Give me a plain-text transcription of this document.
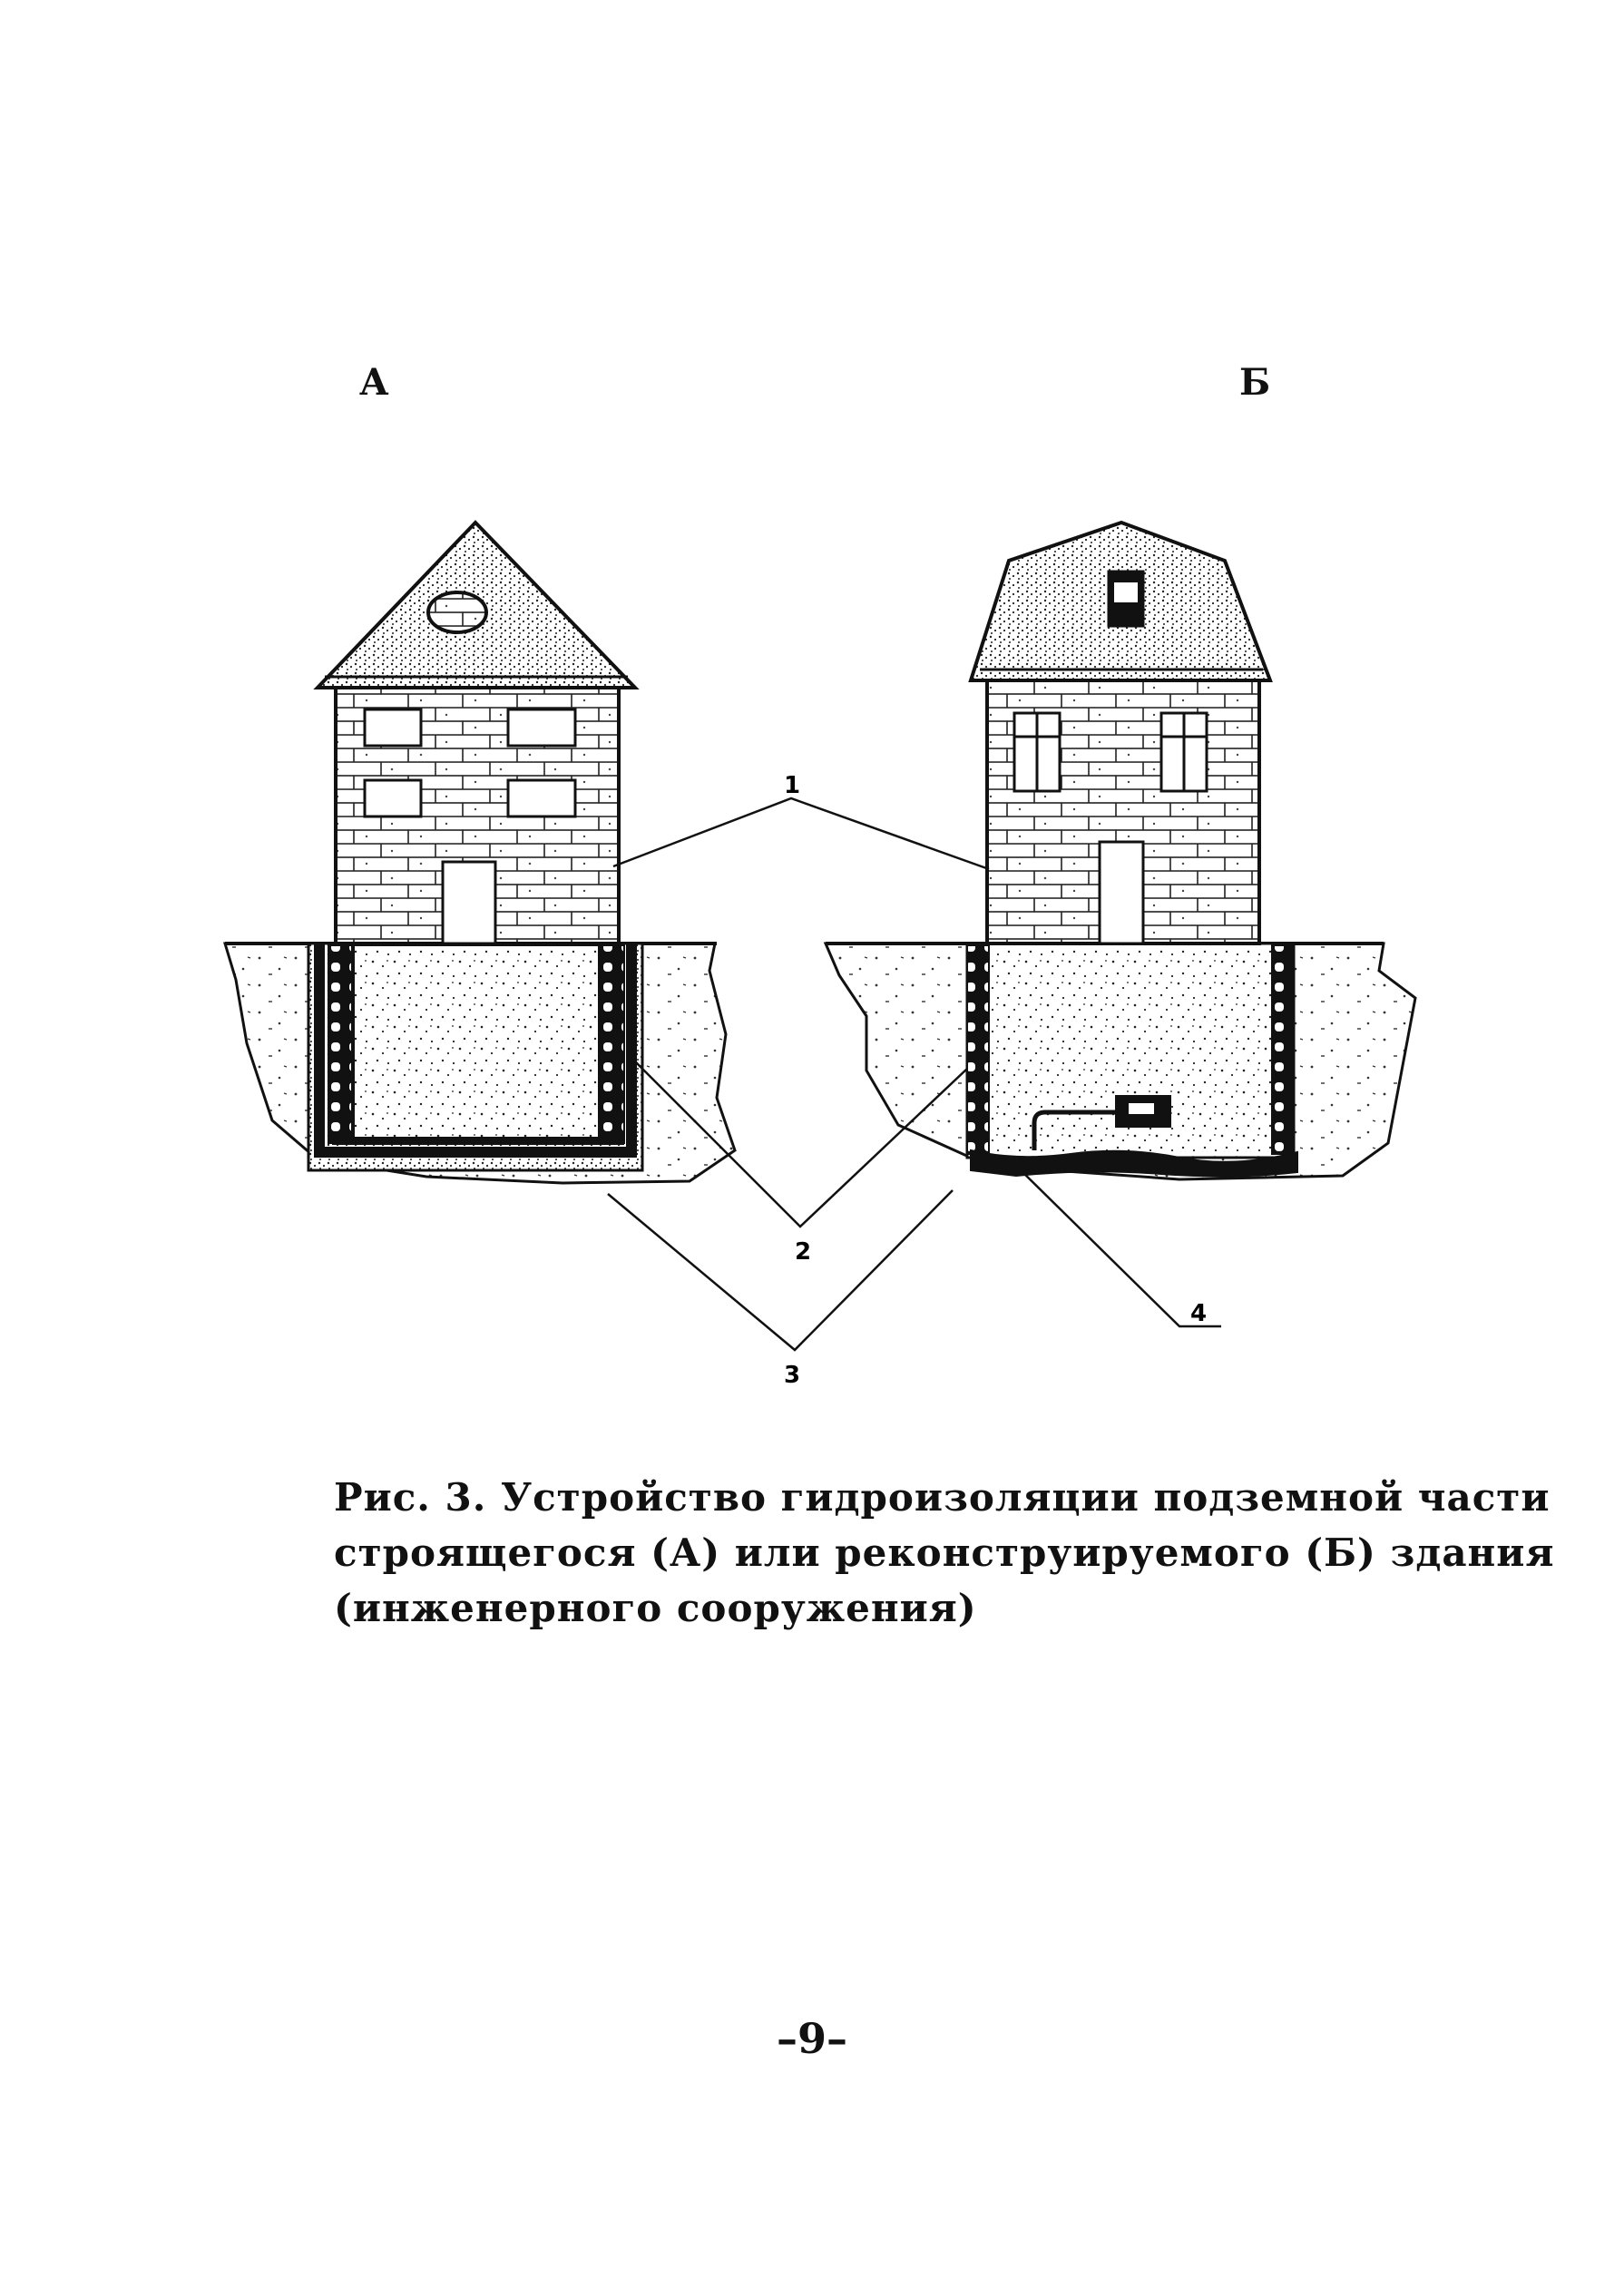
А	Б
1
2
3
4
Рис. 3. Устройство гидроизоляции подземной части
строящегося (А) или реконструируемого (Б) здания
(инженерного сооружения)
–9–
